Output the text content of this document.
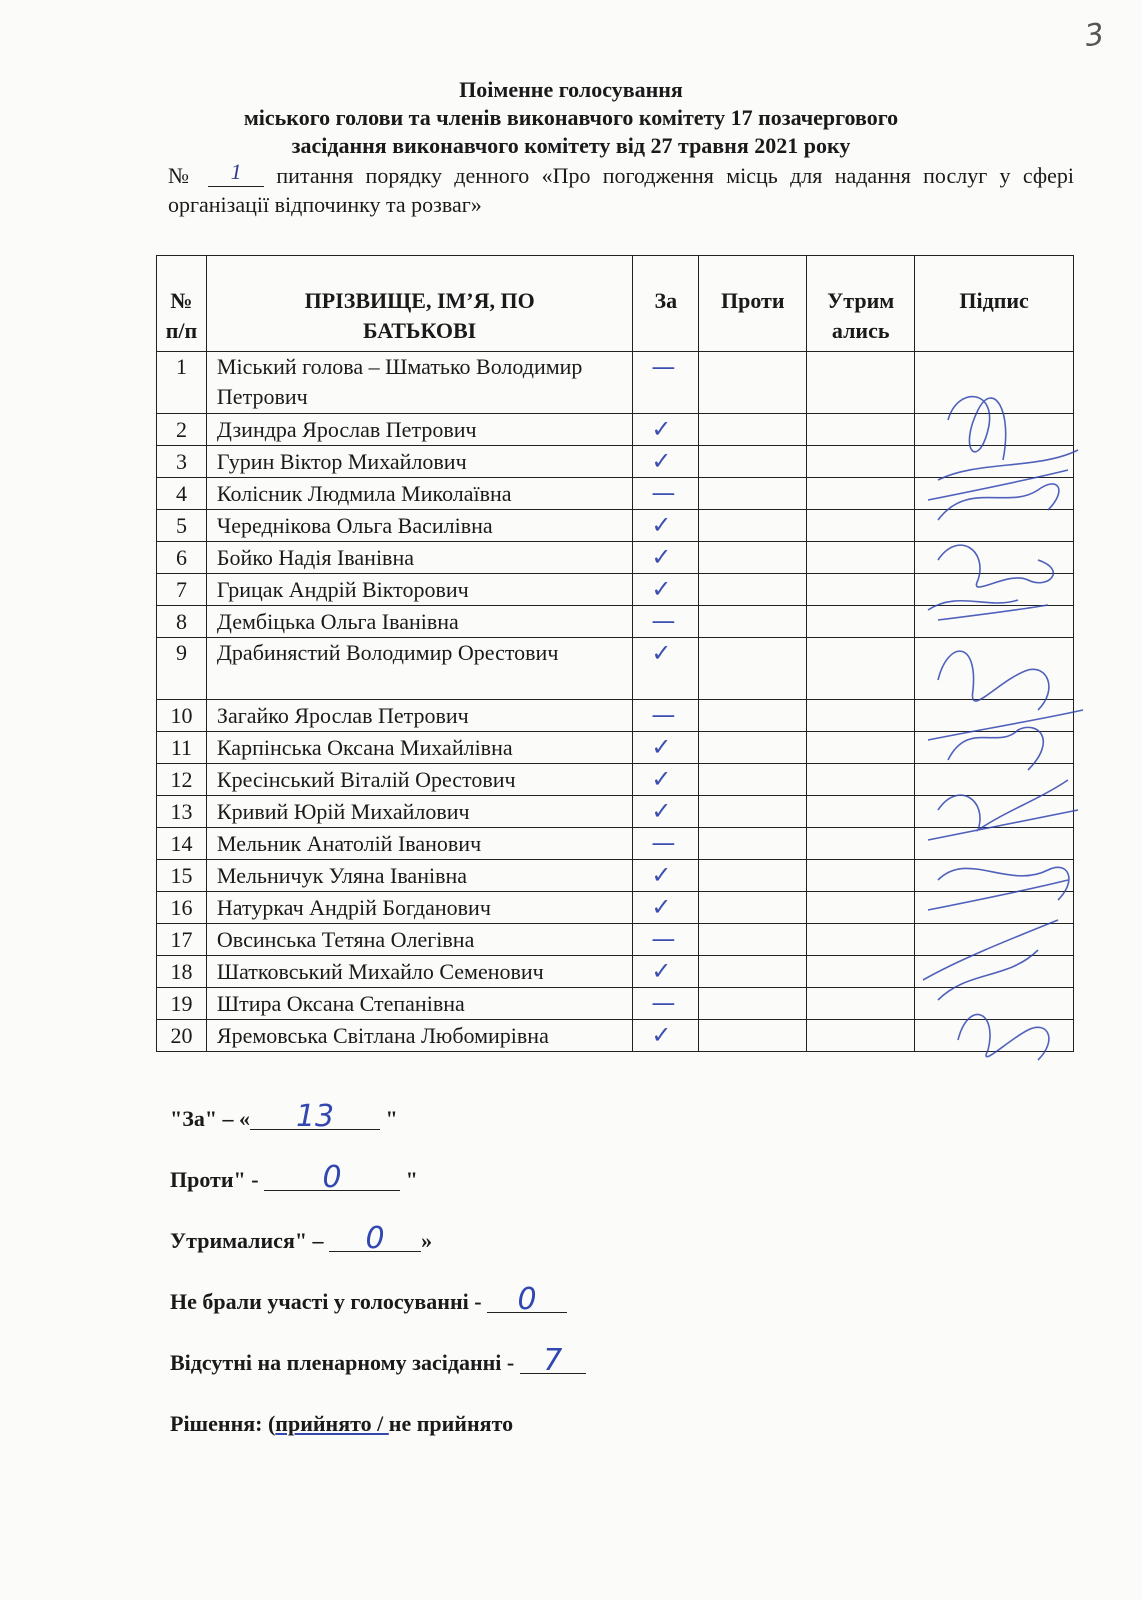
3
Поіменне голосування
міського голови та членів виконавчого комітету 17 позачергового
засідання виконавчого комітету від 27 травня 2021 року
№ 1 питання порядку денного «Про погодження місць для надання послуг у сфері організації відпочинку та розваг»
№ п/п	ПРІЗВИЩЕ, ІМ’Я, ПО БАТЬКОВІ	За	Проти	Утрим ались	Підпис
1	Міський голова – Шматько Володимир Петрович	—			
2	Дзиндра Ярослав Петрович	✓			
3	Гурин Віктор Михайлович	✓			
4	Колісник Людмила Миколаївна	—			
5	Череднікова Ольга Василівна	✓			
6	Бойко Надія Іванівна	✓			
7	Грицак Андрій Вікторович	✓			
8	Дембіцька Ольга Іванівна	—			
9	Драбинястий Володимир Орестович	✓			
10	Загайко Ярослав Петрович	—			
11	Карпінська Оксана Михайлівна	✓			
12	Кресінський Віталій Орестович	✓			
13	Кривий Юрій Михайлович	✓			
14	Мельник Анатолій Іванович	—			
15	Мельничук Уляна Іванівна	✓			
16	Натуркач Андрій Богданович	✓			
17	Овсинська Тетяна Олегівна	—			
18	Шатковський Михайло Семенович	✓			
19	Штира Оксана Степанівна	—			
20	Яремовська Світлана Любомирівна	✓			
"За" – « 13 "
Проти" - 0	"
Утрималися" – 0 »
Не брали участі у голосуванні - 0
Відсутні на пленарному засіданні - 7
Рішення: (прийнято / не прийнято
